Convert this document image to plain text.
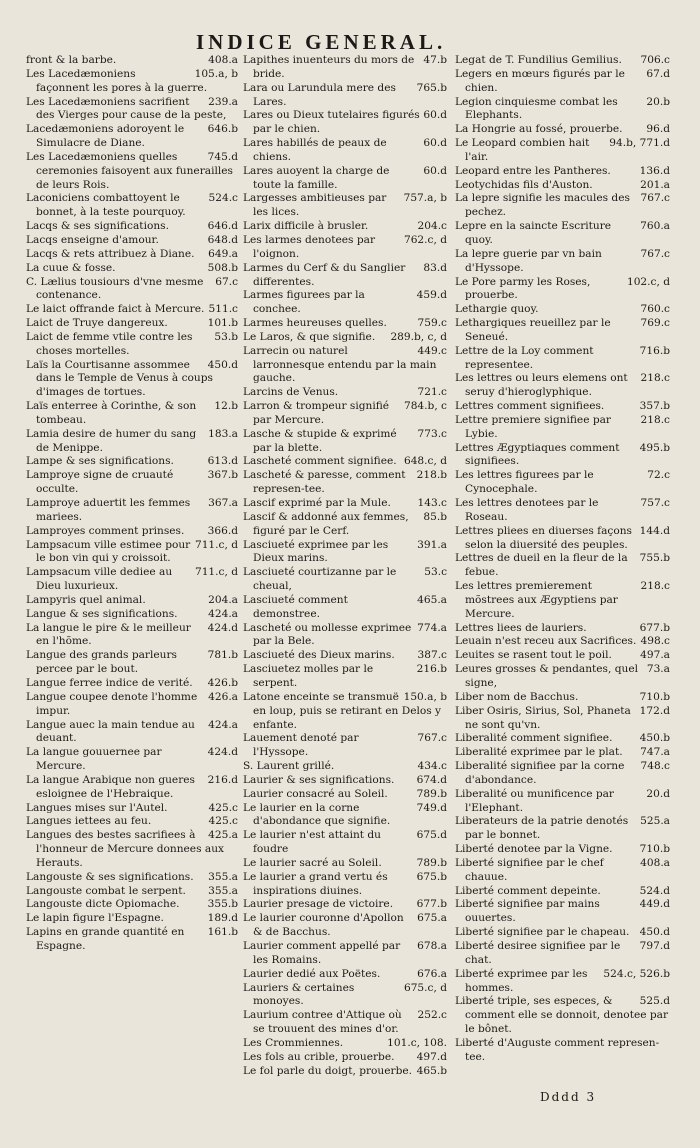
INDICE GENERAL.

408.a
front & la barbe.

105.a, b
Les Lacedæmoniens façonnent les pores à la guerre.

239.a
Les Lacedæmoniens sacrifient des Vierges pour cause de la peste,

646.b
Lacedæmoniens adoroyent le Simulacre de Diane.

745.d
Les Lacedæmoniens quelles ceremonies faisoyent aux funerailles de leurs Rois.

524.c
Laconiciens combattoyent le bonnet, à la teste pourquoy.

646.d
Lacqs & ses significations.

648.d
Lacqs enseigne d'amour.

649.a
Lacqs & rets attribuez à Diane.

508.b
La cuue & fosse.

67.c
C. Lælius tousiours d'vne mesme contenance.

511.c
Le laict offrande faict à Mercure.

101.b
Laict de Truye dangereux.

53.b
Laict de femme vtile contre les choses mortelles.

450.d
Laïs la Courtisanne assommee dans le Temple de Venus à coups d'images de tortues.

12.b
Laïs enterree à Corinthe, & son tombeau.

183.a
Lamia desire de humer du sang de Menippe.

613.d
Lampe & ses significations.

367.b
Lamproye signe de cruauté occulte.

367.a
Lamproye aduertit les femmes mariees.

366.d
Lamproyes comment prinses.

711.c, d
Lampsacum ville estimee pour le bon vin qui y croissoit.

711.c, d
Lampsacum ville dediee au Dieu luxurieux.

204.a
Lampyris quel animal.

424.a
Langue & ses significations.

424.d
La langue le pire & le meilleur en l'hõme.

781.b
Langue des grands parleurs percee par le bout.

426.b
Langue ferree indice de verité.

426.a
Langue coupee denote l'homme impur.

424.a
Langue auec la main tendue au deuant.

424.d
La langue gouuernee par Mercure.

216.d
La langue Arabique non gueres esloignee de l'Hebraique.

425.c
Langues mises sur l'Autel.

425.c
Langues iettees au feu.

425.a
Langues des bestes sacrifiees à l'honneur de Mercure donnees aux Herauts.

355.a
Langouste & ses significations.

355.a
Langouste combat le serpent.

355.b
Langouste dicte Opiomache.

189.d
Le lapin figure l'Espagne.

161.b
Lapins en grande quantité en Espagne.

47.b
Lapithes inuenteurs du mors de bride.

765.b
Lara ou Larundula mere des Lares.

60.d
Lares ou Dieux tutelaires figurés par le chien.

60.d
Lares habillés de peaux de chiens.

60.d
Lares auoyent la charge de toute la famille.

757.a, b
Largesses ambitieuses par les lices.

204.c
Larix difficile à brusler.

762.c, d
Les larmes denotees par l'oignon.

83.d
Larmes du Cerf & du Sanglier differentes.

459.d
Larmes figurees par la conchee.

759.c
Larmes heureuses quelles.

289.b, c, d
Le Laros, & que signifie.

449.c
Larrecin ou naturel larronnesque entendu par la main gauche.

721.c
Larcins de Venus.

784.b, c
Larron & trompeur signifié par Mercure.

773.c
Lasche & stupide & exprimé par la blette.

648.c, d
Lascheté comment signifiee.

218.b
Lascheté & paresse, comment represen-tee.

143.c
Lascif exprimé par la Mule.

85.b
Lascif & addonné aux femmes, figuré par le Cerf.

391.a
Lasciueté exprimee par les Dieux marins.

53.c
Lasciueté courtizanne par le cheual,

465.a
Lasciueté comment demonstree.

774.a
Lascheté ou mollesse exprimee par la Bele.

387.c
Lasciueté des Dieux marins.

216.b
Lasciuetez molles par le serpent.

150.a, b
Latone enceinte se transmuë en loup, puis se retirant en Delos y enfante.

767.c
Lauement denoté par l'Hyssope.

434.c
S. Laurent grillé.

674.d
Laurier & ses significations.

789.b
Laurier consacré au Soleil.

749.d
Le laurier en la corne d'abondance que signifie.

675.d
Le laurier n'est attaint du foudre

789.b
Le laurier sacré au Soleil.

675.b
Le laurier a grand vertu és inspirations diuines.

677.b
Laurier presage de victoire.

675.a
Le laurier couronne d'Apollon & de Bacchus.

678.a
Laurier comment appellé par les Romains.

676.a
Laurier dedié aux Poëtes.

675.c, d
Lauriers & certaines monoyes.

252.c
Laurium contree d'Attique où se trouuent des mines d'or.

101.c, 108.
Les Crommiennes.

497.d
Les fols au crible, prouerbe.

465.b
Le fol parle du doigt, prouerbe.

706.c
Legat de T. Fundilius Gemilius.

67.d
Legers en mœurs figurés par le chien.

20.b
Legion cinquiesme combat les Elephants.

96.d
La Hongrie au fossé, prouerbe.

94.b, 771.d
Le Leopard combien hait l'air.

136.d
Leopard entre les Pantheres.

201.a
Leotychidas fils d'Auston.

767.c
La lepre signifie les macules des pechez.

760.a
Lepre en la saincte Escriture quoy.

767.c
La lepre guerie par vn bain d'Hyssope.

102.c, d
Le Pore parmy les Roses, prouerbe.

760.c
Lethargie quoy.

769.c
Lethargiques reueillez par le Seneué.

716.b
Lettre de la Loy comment representee.

218.c
Les lettres ou leurs elemens ont seruy d'hieroglyphique.

357.b
Lettres comment signifiees.

218.c
Lettre premiere signifiee par Lybie.

495.b
Lettres Ægyptiaques comment signifiees.

72.c
Les lettres figurees par le Cynocephale.

757.c
Les lettres denotees par le Roseau.

144.d
Lettres pliees en diuerses façons selon la diuersité des peuples.

755.b
Lettres de dueil en la fleur de la febue.

218.c
Les lettres premierement mõstrees aux Ægyptiens par Mercure.

677.b
Lettres liees de lauriers.

498.c
Leuain n'est receu aux Sacrifices.

497.a
Leuites se rasent tout le poil.

73.a
Leures grosses & pendantes, quel signe,

710.b
Liber nom de Bacchus.

172.d
Liber Osiris, Sirius, Sol, Phaneta ne sont qu'vn.

450.b
Liberalité comment signifiee.

747.a
Liberalité exprimee par le plat.

748.c
Liberalité signifiee par la corne d'abondance.

20.d
Liberalité ou munificence par l'Elephant.

525.a
Liberateurs de la patrie denotés par le bonnet.

710.b
Liberté denotee par la Vigne.

408.a
Liberté signifiee par le chef chauue.

524.d
Liberté comment depeinte.

449.d
Liberté signifiee par mains ouuertes.

450.d
Liberté signifiee par le chapeau.

797.d
Liberté desiree signifiee par le chat.

524.c, 526.b
Liberté exprimee par les hommes.

525.d
Liberté triple, ses especes, & comment elle se donnoit, denotee par le bônet.

Liberté d'Auguste comment represen-tee.

Dddd 3
